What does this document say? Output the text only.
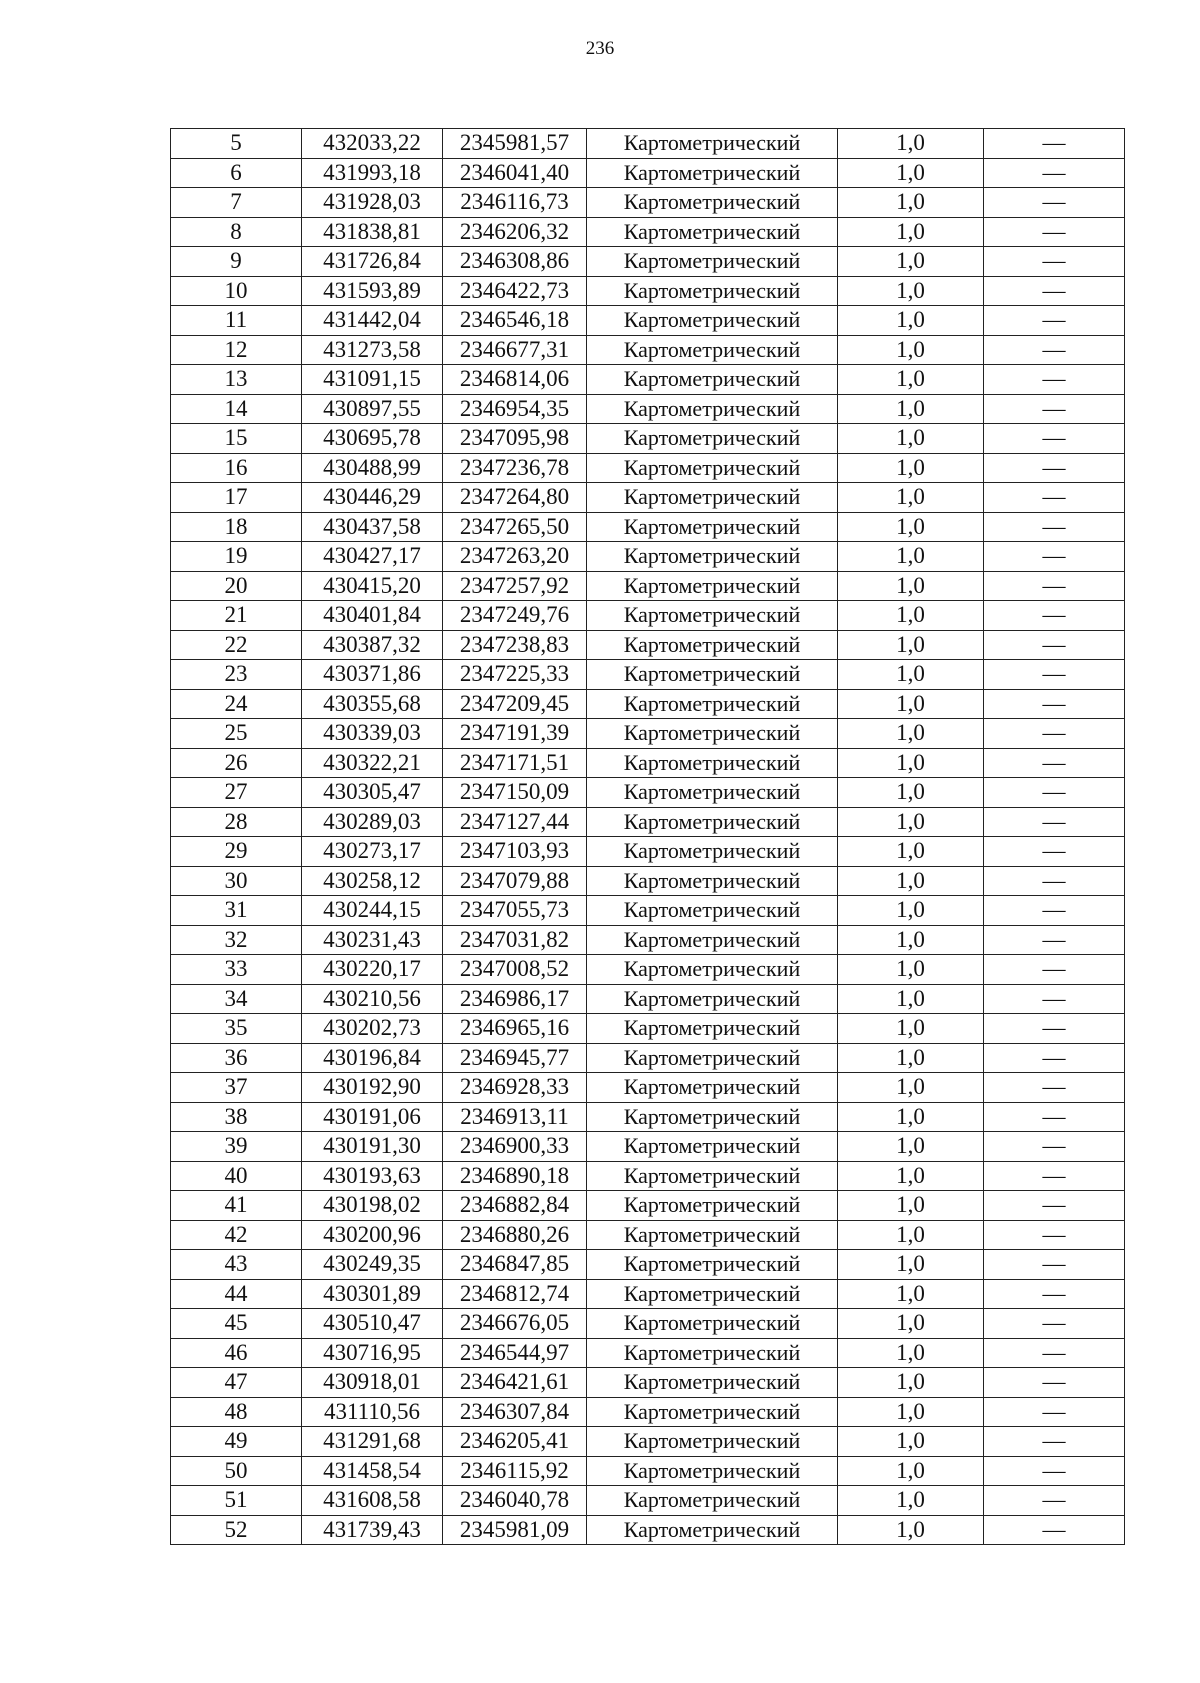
236
5	432033,22	2345981,57	Картометрический	1,0	—
6	431993,18	2346041,40	Картометрический	1,0	—
7	431928,03	2346116,73	Картометрический	1,0	—
8	431838,81	2346206,32	Картометрический	1,0	—
9	431726,84	2346308,86	Картометрический	1,0	—
10	431593,89	2346422,73	Картометрический	1,0	—
11	431442,04	2346546,18	Картометрический	1,0	—
12	431273,58	2346677,31	Картометрический	1,0	—
13	431091,15	2346814,06	Картометрический	1,0	—
14	430897,55	2346954,35	Картометрический	1,0	—
15	430695,78	2347095,98	Картометрический	1,0	—
16	430488,99	2347236,78	Картометрический	1,0	—
17	430446,29	2347264,80	Картометрический	1,0	—
18	430437,58	2347265,50	Картометрический	1,0	—
19	430427,17	2347263,20	Картометрический	1,0	—
20	430415,20	2347257,92	Картометрический	1,0	—
21	430401,84	2347249,76	Картометрический	1,0	—
22	430387,32	2347238,83	Картометрический	1,0	—
23	430371,86	2347225,33	Картометрический	1,0	—
24	430355,68	2347209,45	Картометрический	1,0	—
25	430339,03	2347191,39	Картометрический	1,0	—
26	430322,21	2347171,51	Картометрический	1,0	—
27	430305,47	2347150,09	Картометрический	1,0	—
28	430289,03	2347127,44	Картометрический	1,0	—
29	430273,17	2347103,93	Картометрический	1,0	—
30	430258,12	2347079,88	Картометрический	1,0	—
31	430244,15	2347055,73	Картометрический	1,0	—
32	430231,43	2347031,82	Картометрический	1,0	—
33	430220,17	2347008,52	Картометрический	1,0	—
34	430210,56	2346986,17	Картометрический	1,0	—
35	430202,73	2346965,16	Картометрический	1,0	—
36	430196,84	2346945,77	Картометрический	1,0	—
37	430192,90	2346928,33	Картометрический	1,0	—
38	430191,06	2346913,11	Картометрический	1,0	—
39	430191,30	2346900,33	Картометрический	1,0	—
40	430193,63	2346890,18	Картометрический	1,0	—
41	430198,02	2346882,84	Картометрический	1,0	—
42	430200,96	2346880,26	Картометрический	1,0	—
43	430249,35	2346847,85	Картометрический	1,0	—
44	430301,89	2346812,74	Картометрический	1,0	—
45	430510,47	2346676,05	Картометрический	1,0	—
46	430716,95	2346544,97	Картометрический	1,0	—
47	430918,01	2346421,61	Картометрический	1,0	—
48	431110,56	2346307,84	Картометрический	1,0	—
49	431291,68	2346205,41	Картометрический	1,0	—
50	431458,54	2346115,92	Картометрический	1,0	—
51	431608,58	2346040,78	Картометрический	1,0	—
52	431739,43	2345981,09	Картометрический	1,0	—
